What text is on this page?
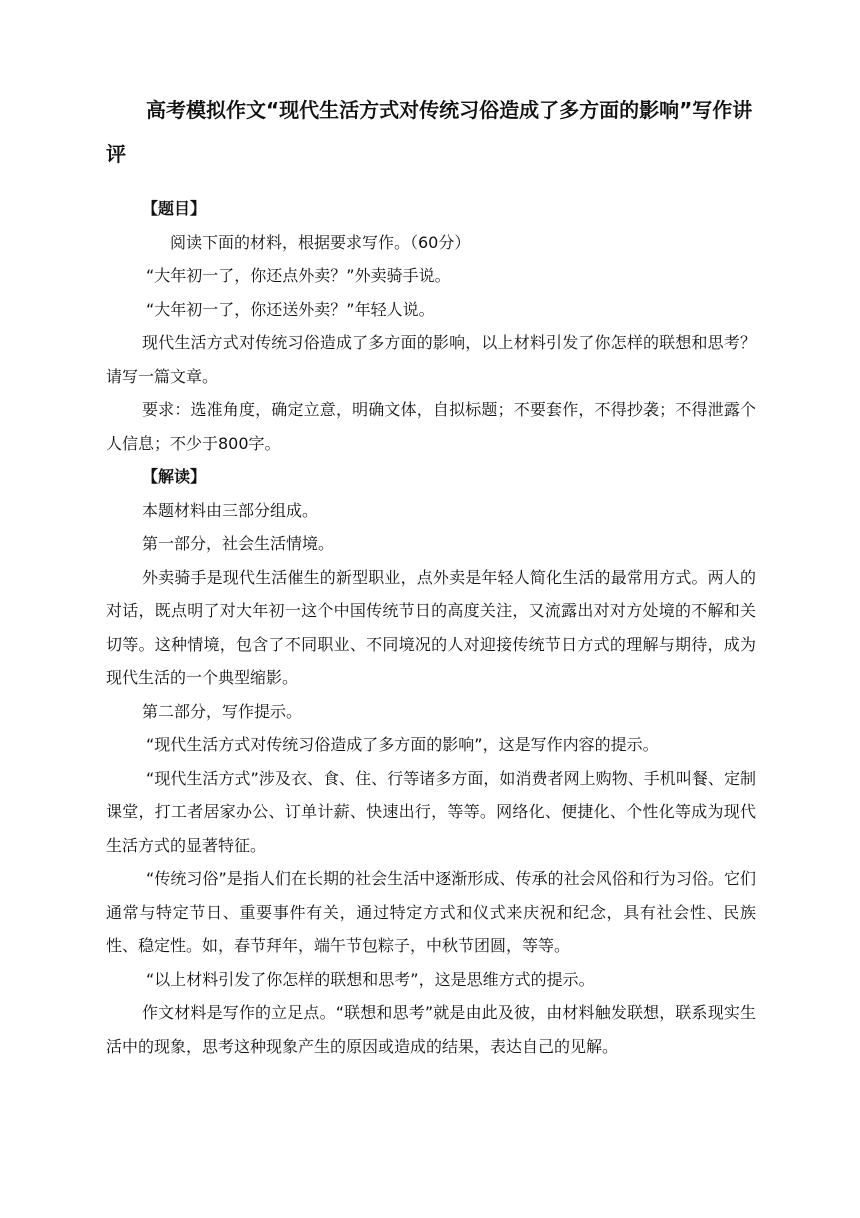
高考模拟作文“现代生活方式对传统习俗造成了多方面的影响”写作讲评
【题目】
阅读下面的材料，根据要求写作。（60分）
“大年初一了，你还点外卖？”外卖骑手说。
“大年初一了，你还送外卖？”年轻人说。
现代生活方式对传统习俗造成了多方面的影响，以上材料引发了你怎样的联想和思考？请写一篇文章。
要求：选准角度，确定立意，明确文体，自拟标题；不要套作，不得抄袭；不得泄露个人信息；不少于800字。
【解读】
本题材料由三部分组成。
第一部分，社会生活情境。
外卖骑手是现代生活催生的新型职业，点外卖是年轻人简化生活的最常用方式。两人的对话，既点明了对大年初一这个中国传统节日的高度关注，又流露出对对方处境的不解和关切等。这种情境，包含了不同职业、不同境况的人对迎接传统节日方式的理解与期待，成为现代生活的一个典型缩影。
第二部分，写作提示。
“现代生活方式对传统习俗造成了多方面的影响”，这是写作内容的提示。
“现代生活方式”涉及衣、食、住、行等诸多方面，如消费者网上购物、手机叫餐、定制课堂，打工者居家办公、订单计薪、快速出行，等等。网络化、便捷化、个性化等成为现代生活方式的显著特征。
“传统习俗”是指人们在长期的社会生活中逐渐形成、传承的社会风俗和行为习俗。它们通常与特定节日、重要事件有关，通过特定方式和仪式来庆祝和纪念，具有社会性、民族性、稳定性。如，春节拜年，端午节包粽子，中秋节团圆，等等。
“以上材料引发了你怎样的联想和思考”，这是思维方式的提示。
作文材料是写作的立足点。“联想和思考”就是由此及彼，由材料触发联想，联系现实生活中的现象，思考这种现象产生的原因或造成的结果，表达自己的见解。
